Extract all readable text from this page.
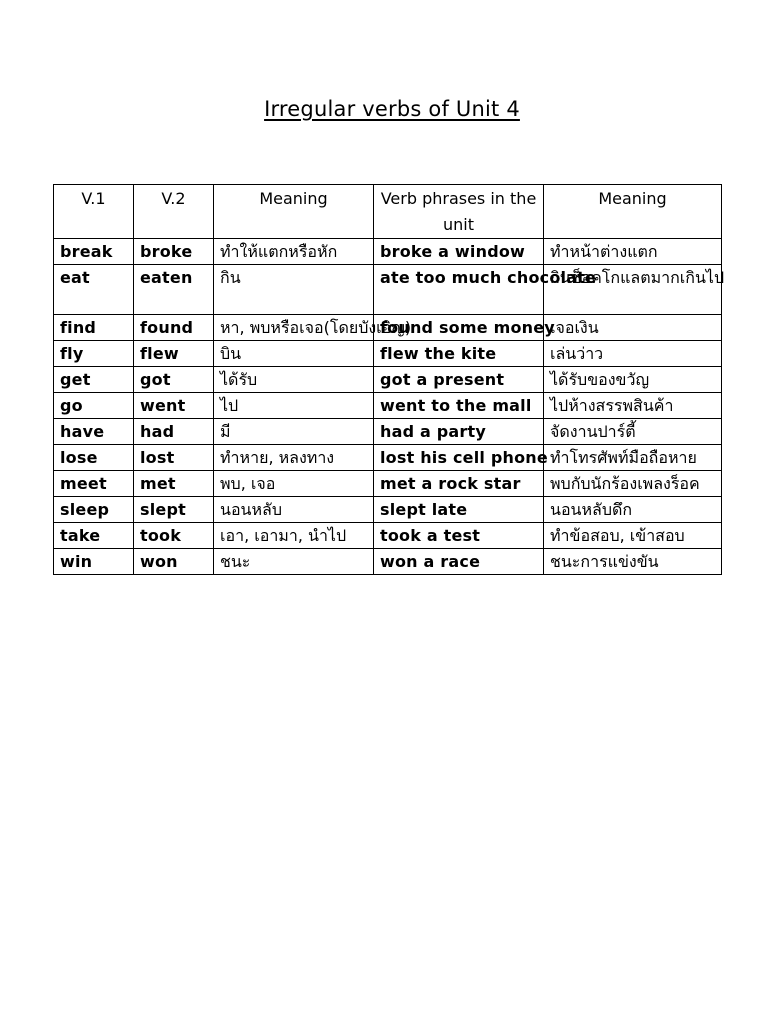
Irregular verbs of Unit 4
V.1	V.2	Meaning	Verb phrases in the unit	Meaning
break	broke	ทำให้แตกหรือหัก	broke a window	ทำหน้าต่างแตก
eat	eaten	กิน	ate too much chocolate	กินช็อคโกแลตมากเกินไป
find	found	หา, พบหรือเจอ(โดยบังเอิญ)	found some money	เจอเงิน
fly	flew	บิน	flew the kite	เล่นว่าว
get	got	ได้รับ	got a present	ได้รับของขวัญ
go	went	ไป	went to the mall	ไปห้างสรรพสินค้า
have	had	มี	had a party	จัดงานปาร์ตี้
lose	lost	ทำหาย, หลงทาง	lost his cell phone	ทำโทรศัพท์มือถือหาย
meet	met	พบ, เจอ	met a rock star	พบกับนักร้องเพลงร็อค
sleep	slept	นอนหลับ	slept late	นอนหลับดึก
take	took	เอา, เอามา, นำไป	took a test	ทำข้อสอบ, เข้าสอบ
win	won	ชนะ	won a race	ชนะการแข่งขัน
